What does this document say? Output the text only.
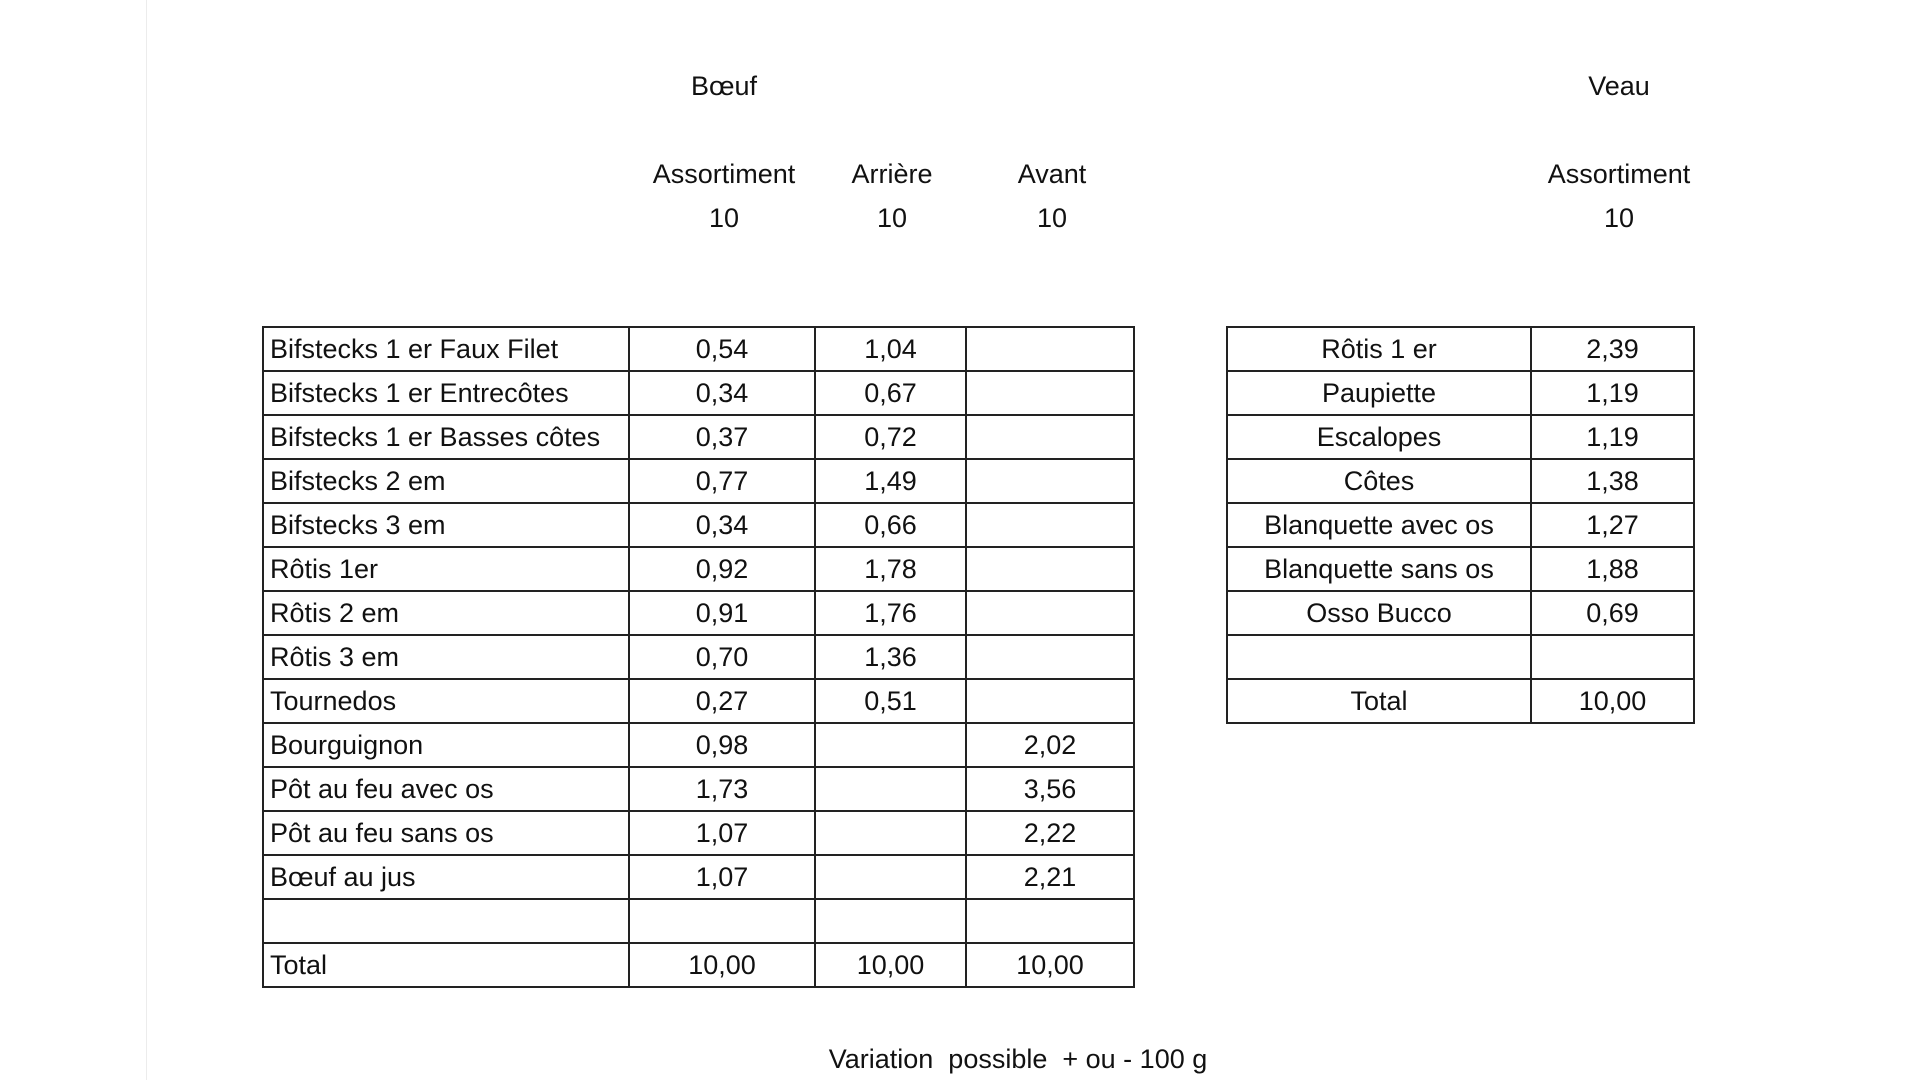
Bœuf
Assortiment
10
Arrière
10
Avant
10
Veau
Assortiment
10
Bifstecks 1 er Faux Filet	0,54	1,04	
Bifstecks 1 er Entrecôtes	0,34	0,67	
Bifstecks 1 er Basses côtes	0,37	0,72	
Bifstecks 2 em	0,77	1,49	
Bifstecks 3 em	0,34	0,66	
Rôtis 1er	0,92	1,78	
Rôtis 2 em	0,91	1,76	
Rôtis 3 em	0,70	1,36	
Tournedos	0,27	0,51	
Bourguignon	0,98		2,02
Pôt au feu avec os	1,73		3,56
Pôt au feu sans os	1,07		2,22
Bœuf au jus	1,07		2,21

Total	10,00	10,00	10,00
Rôtis 1 er	2,39
Paupiette	1,19
Escalopes	1,19
Côtes	1,38
Blanquette avec os	1,27
Blanquette sans os	1,88
Osso Bucco	0,69

Total	10,00
Variation  possible  + ou - 100 g
